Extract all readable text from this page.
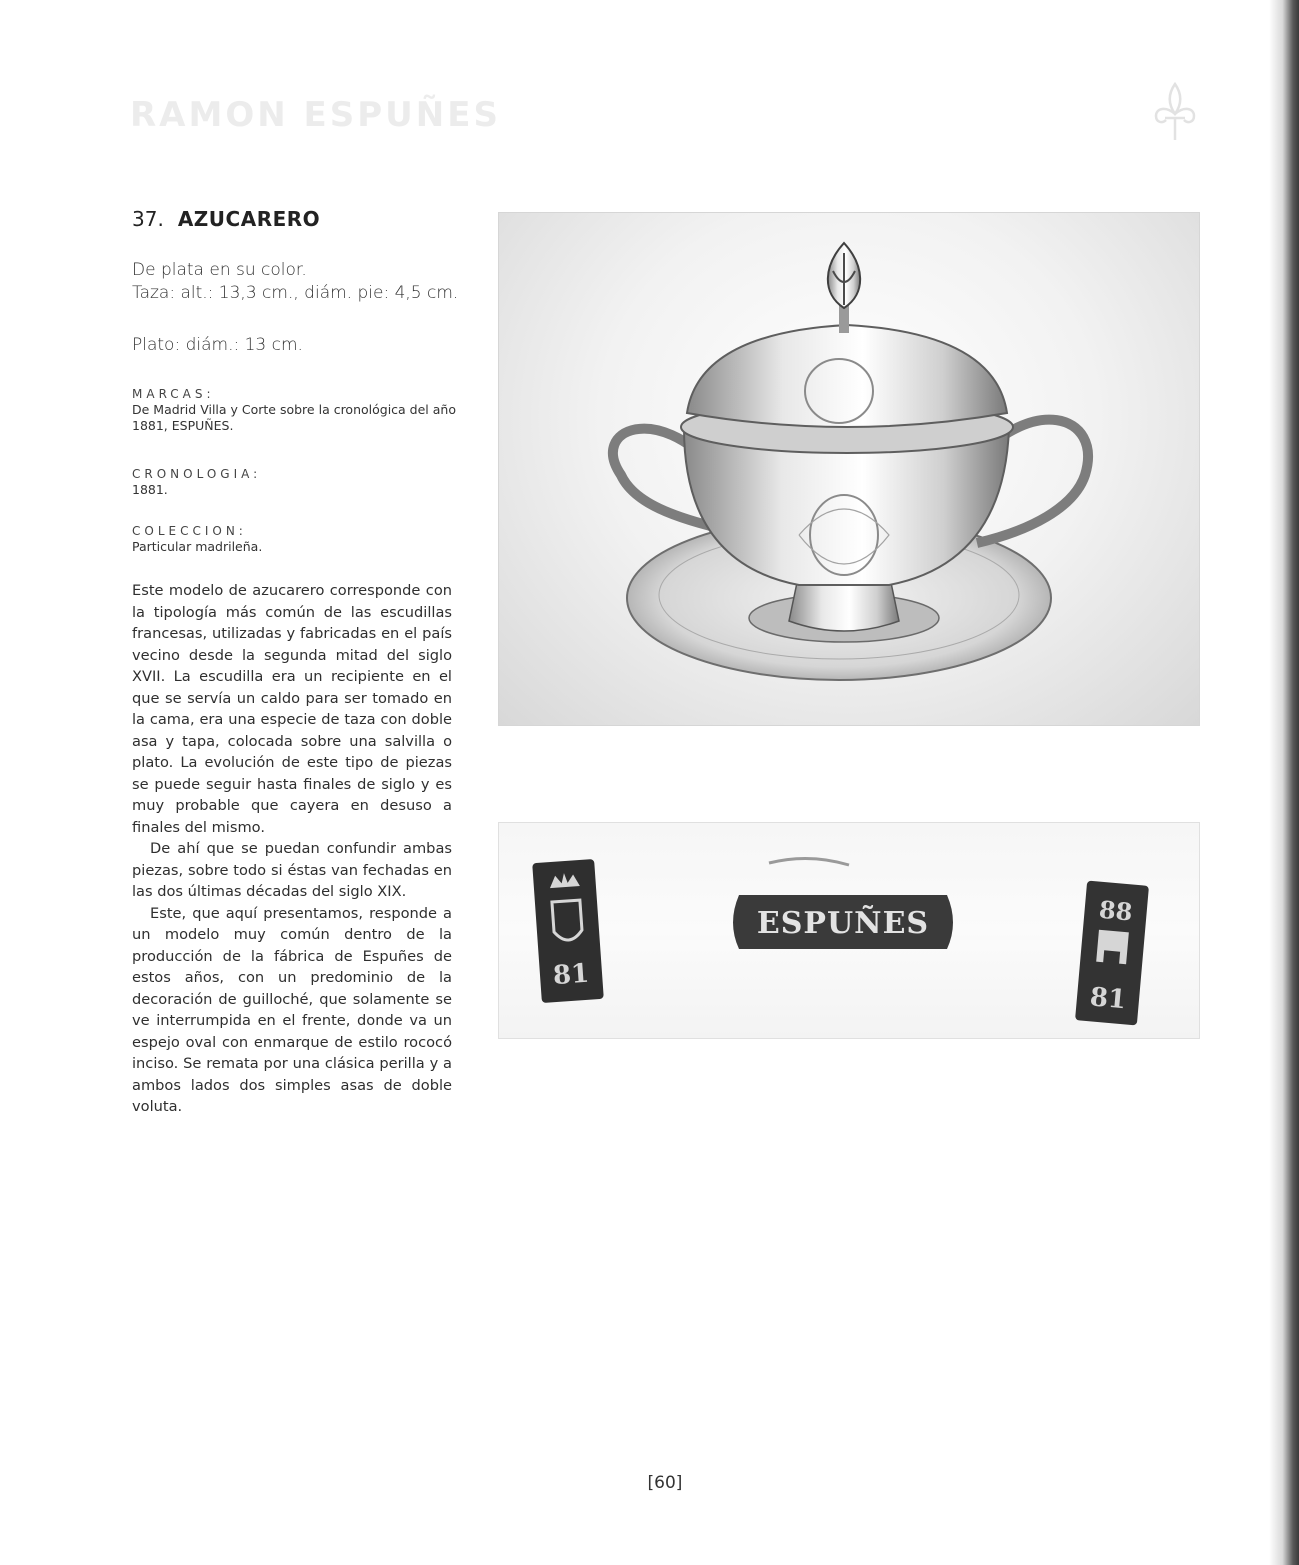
RAMON ESPUÑES
37. AZUCARERO
De plata en su color.
Taza: alt.: 13,3 cm., diám. pie: 4,5 cm.
Plato: diám.: 13 cm.
MARCAS:
De Madrid Villa y Corte sobre la cronológica del año 1881, ESPUÑES.
CRONOLOGIA:
1881.
COLECCION:
Particular madrileña.

Este modelo de azucarero corresponde con la tipología más común de las escudillas francesas, utilizadas y fabricadas en el país vecino desde la segunda mitad del siglo XVII. La escudilla era un recipiente en el que se servía un caldo para ser tomado en la cama, era una especie de taza con doble asa y tapa, colocada sobre una salvilla o plato. La evolución de este tipo de piezas se puede seguir hasta finales de siglo y es muy probable que cayera en desuso a finales del mismo.

De ahí que se puedan confundir ambas piezas, sobre todo si éstas van fechadas en las dos últimas décadas del siglo XIX.

Este, que aquí presentamos, responde a un modelo muy común dentro de la producción de la fábrica de Espuñes de estos años, con un predominio de la decoración de guilloché, que solamente se ve interrumpida en el frente, donde va un espejo oval con enmarque de estilo rococó inciso. Se remata por una clásica perilla y a ambos lados dos simples asas de doble voluta.

81
ESPUÑES	88
81
[60]
